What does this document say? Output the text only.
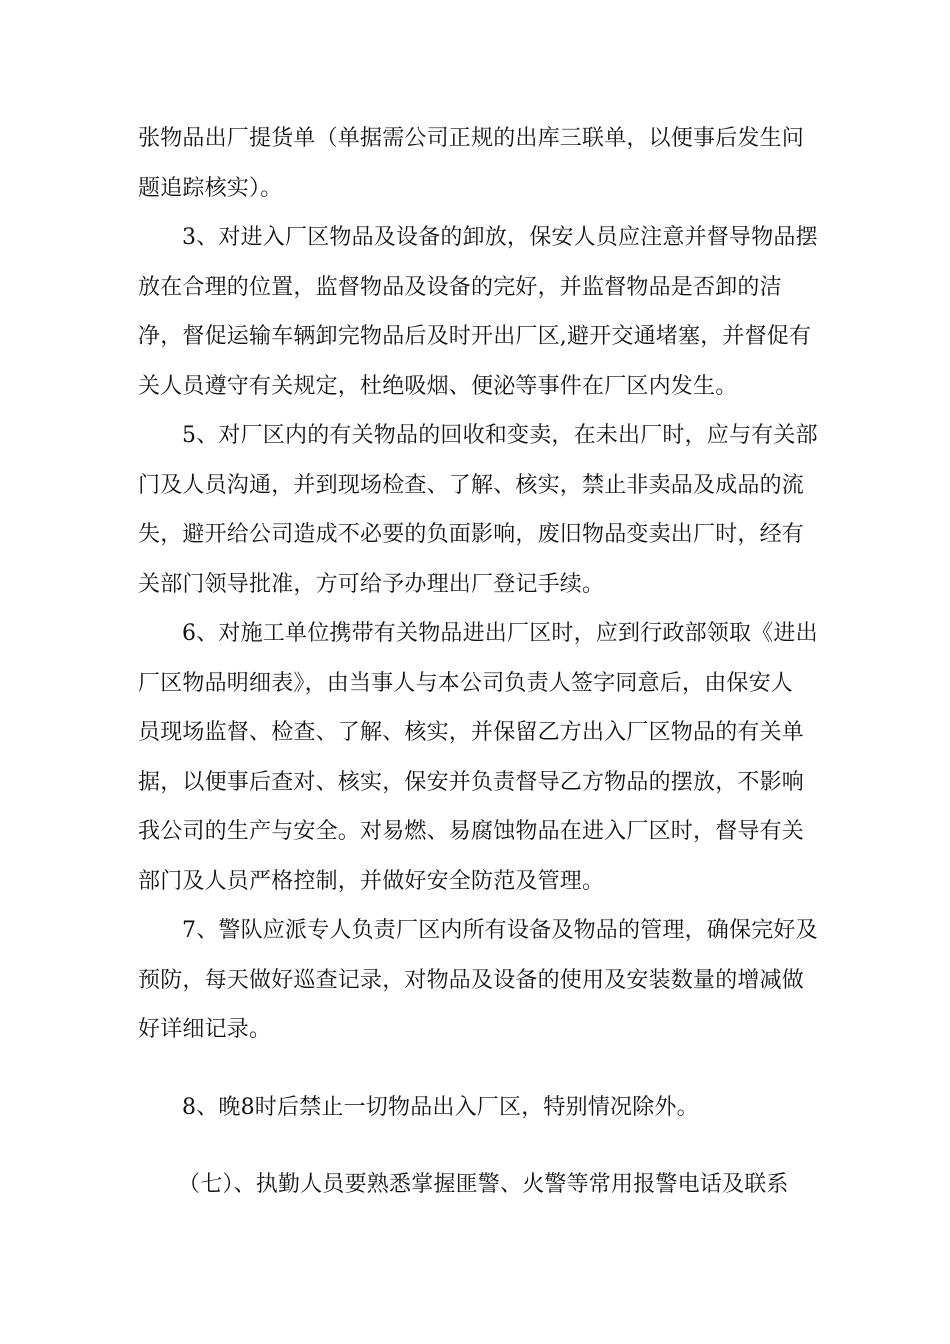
张物品出厂提货单（单据需公司正规的出库三联单，以便事后发生问
题追踪核实）。

3、对进入厂区物品及设备的卸放，保安人员应注意并督导物品摆

放在合理的位置，监督物品及设备的完好，并监督物品是否卸的洁
净，督促运输车辆卸完物品后及时开出厂区,避开交通堵塞，并督促有
关人员遵守有关规定，杜绝吸烟、便泌等事件在厂区内发生。

5、对厂区内的有关物品的回收和变卖，在未出厂时，应与有关部

门及人员沟通，并到现场检查、了解、核实，禁止非卖品及成品的流
失，避开给公司造成不必要的负面影响，废旧物品变卖出厂时，经有
关部门领导批准，方可给予办理出厂登记手续。

6、对施工单位携带有关物品进出厂区时，应到行政部领取《进出

厂区物品明细表》，由当事人与本公司负责人签字同意后，由保安人
员现场监督、检查、了解、核实，并保留乙方出入厂区物品的有关单
据，以便事后查对、核实，保安并负责督导乙方物品的摆放，不影响
我公司的生产与安全。对易燃、易腐蚀物品在进入厂区时，督导有关
部门及人员严格控制，并做好安全防范及管理。

7、警队应派专人负责厂区内所有设备及物品的管理，确保完好及

预防，每天做好巡查记录，对物品及设备的使用及安装数量的增减做
好详细记录。

8、晚8时后禁止一切物品出入厂区，特别情况除外。

（七）、执勤人员要熟悉掌握匪警、火警等常用报警电话及联系
